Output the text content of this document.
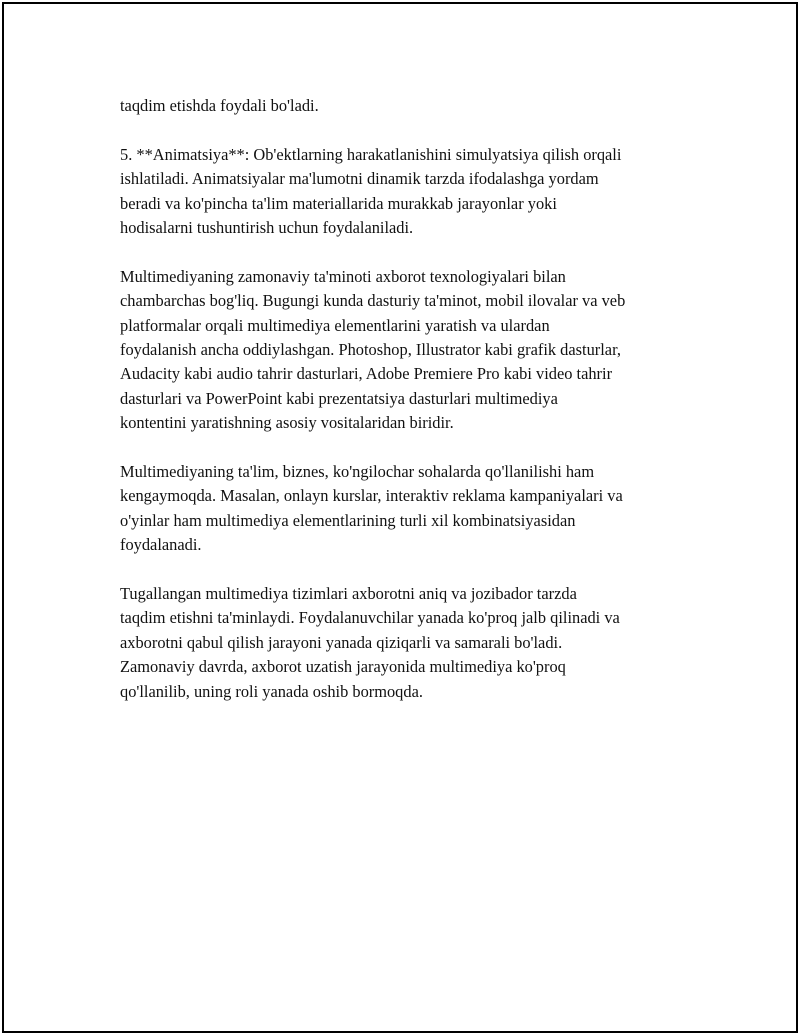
taqdim etishda foydali bo'ladi.

5. **Animatsiya**: Ob'ektlarning harakatlanishini simulyatsiya qilish orqali
ishlatiladi. Animatsiyalar ma'lumotni dinamik tarzda ifodalashga yordam
beradi va ko'pincha ta'lim materiallarida murakkab jarayonlar yoki
hodisalarni tushuntirish uchun foydalaniladi.

Multimediyaning zamonaviy ta'minoti axborot texnologiyalari bilan
chambarchas bog'liq. Bugungi kunda dasturiy ta'minot, mobil ilovalar va veb
platformalar orqali multimediya elementlarini yaratish va ulardan
foydalanish ancha oddiylashgan. Photoshop, Illustrator kabi grafik dasturlar,
Audacity kabi audio tahrir dasturlari, Adobe Premiere Pro kabi video tahrir
dasturlari va PowerPoint kabi prezentatsiya dasturlari multimediya
kontentini yaratishning asosiy vositalaridan biridir.

Multimediyaning ta'lim, biznes, ko'ngilochar sohalarda qo'llanilishi ham
kengaymoqda. Masalan, onlayn kurslar, interaktiv reklama kampaniyalari va
o'yinlar ham multimediya elementlarining turli xil kombinatsiyasidan
foydalanadi.

Tugallangan multimediya tizimlari axborotni aniq va jozibador tarzda
taqdim etishni ta'minlaydi. Foydalanuvchilar yanada ko'proq jalb qilinadi va
axborotni qabul qilish jarayoni yanada qiziqarli va samarali bo'ladi.
Zamonaviy davrda, axborot uzatish jarayonida multimediya ko'proq
qo'llanilib, uning roli yanada oshib bormoqda.
